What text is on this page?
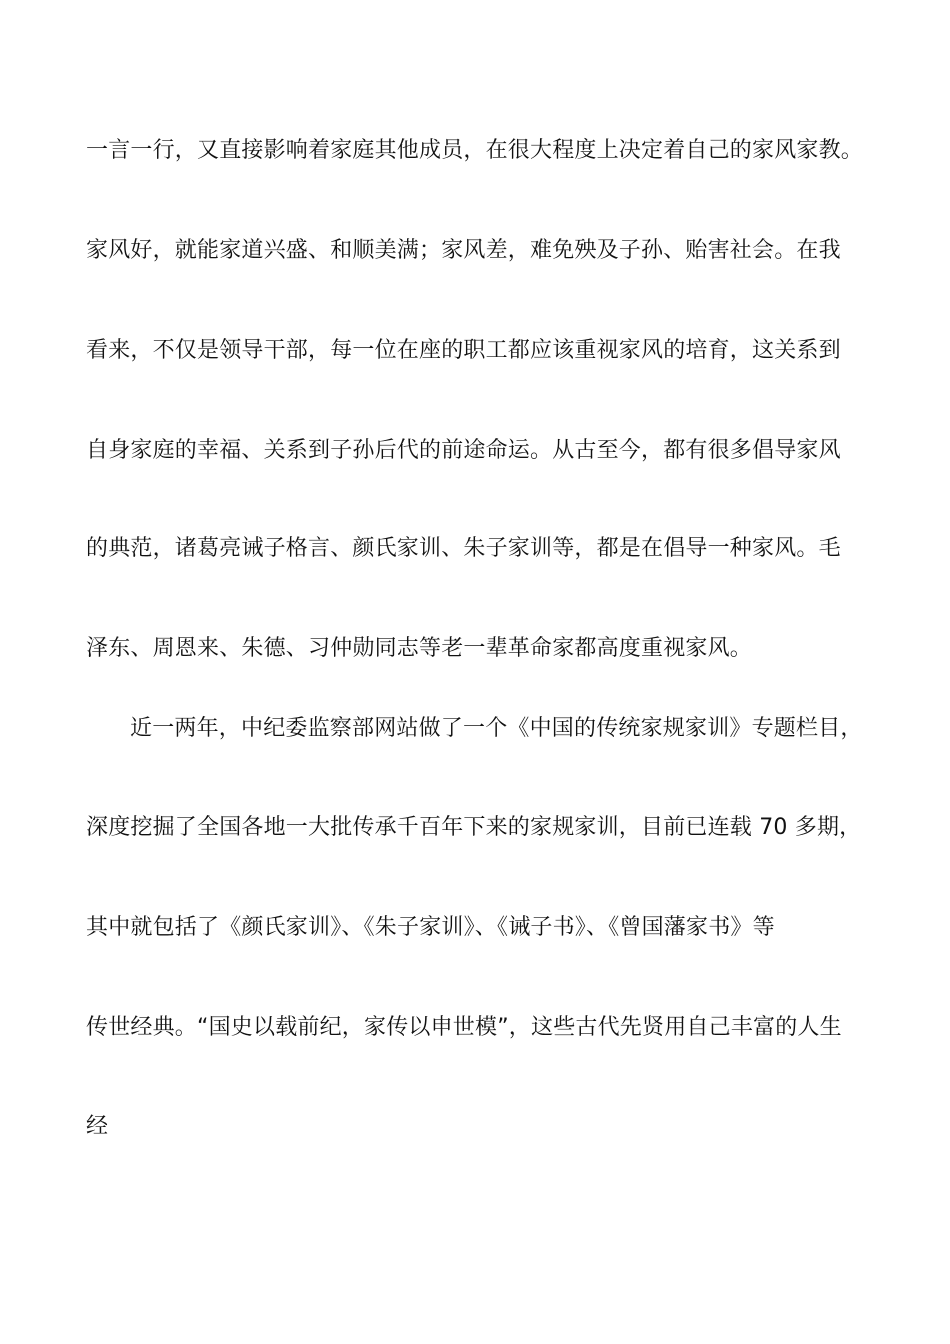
一言一行，又直接影响着家庭其他成员，在很大程度上决定着自己的家风家教。
家风好，就能家道兴盛、和顺美满；家风差，难免殃及子孙、贻害社会。在我
看来，不仅是领导干部，每一位在座的职工都应该重视家风的培育，这关系到
自身家庭的幸福、关系到子孙后代的前途命运。从古至今，都有很多倡导家风
的典范，诸葛亮诫子格言、颜氏家训、朱子家训等，都是在倡导一种家风。毛
泽东、周恩来、朱德、习仲勋同志等老一辈革命家都高度重视家风。
近一两年，中纪委监察部网站做了一个《中国的传统家规家训》专题栏目，
深度挖掘了全国各地一大批传承千百年下来的家规家训，目前已连载 70 多期，
其中就包括了《颜氏家训》、《朱子家训》、《诫子书》、《曾国藩家书》等
传世经典。“国史以载前纪，家传以申世模”，这些古代先贤用自己丰富的人生
经
